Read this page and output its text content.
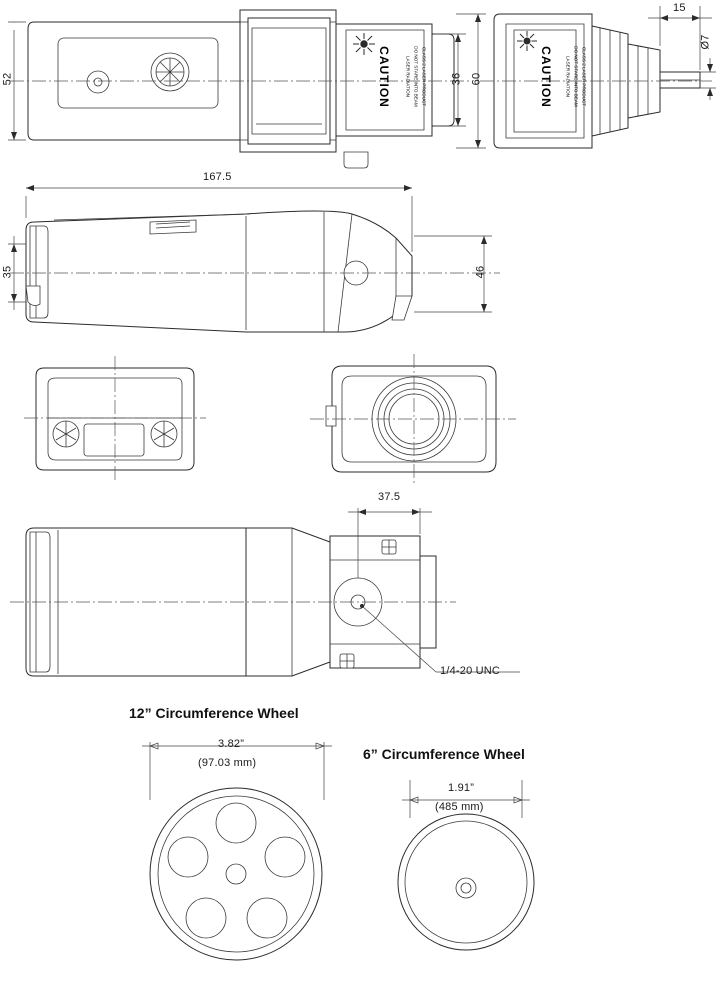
CAUTION	LASER RADIATION DO NOT STARE INTO BEAM CLASS 2 LASER PRODUCT	CAUTION	LASER RADIATION DO NOT STARE INTO BEAM CLASS 2 LASER PRODUCT
52	36 60
15
Ø7
167.5
35	46
37.5
1/4-20 UNC
12” Circumference Wheel
3.82”
(97.03 mm)
6” Circumference Wheel
1.91”
(485 mm)
